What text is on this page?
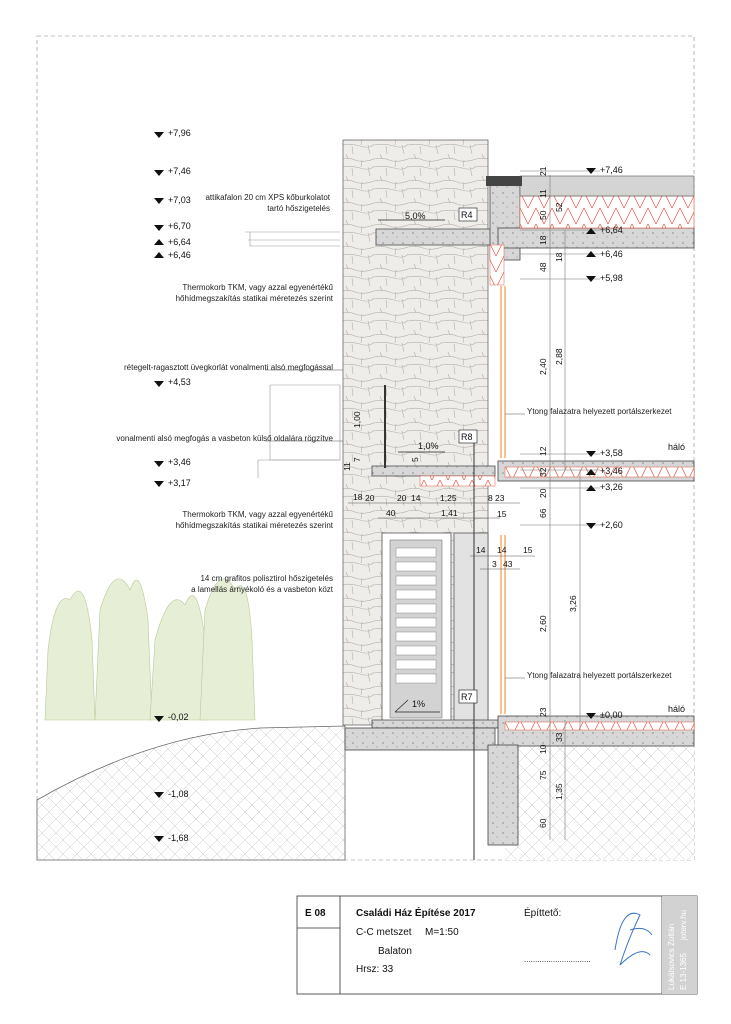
+7,96
+7,46
+7,03
+6,70
+6,64
+6,46
+4,53
+3,46
+3,17
-0,02
-1,08
-1,68
+7,46
+6,64
+6,46
+5,98
+3,58
+3,46
+3,26
+2,60
±0,00
háló
háló
attikafalon 20 cm XPS kőburkolatot
tartó hőszigetelés
Thermokorb TKM, vagy azzal egyenértékű
hőhídmegszakítás statikai méretezés szerint
rétegelt-ragasztott üvegkorlát vonalmenti alsó megfogással
vonalmenti alsó megfogás a vasbeton külső oldalára rögzítve
Thermokorb TKM, vagy azzal egyenértékű
hőhídmegszakítás statikai méretezés szerint
14 cm grafitos polisztirol hőszigetelés
a lamellás árnyékoló és a vasbeton közt
Ytong falazatra helyezett portálszerkezet
Ytong falazatra helyezett portálszerkezet
5,0%
1,0%
1%
R4
R8
R7
21
11
52
50
18
18
48
2,40
2,88
1,00
12
32
20
66
2,60
3,26
23
33
10
75
1,35
60
11
7	5
18 20	20 14 1,25	8 23
40	1,41	15
14 14 15
3 43
E 08	Családi Ház Építése 2017
C-C metszet M=1:50
Balaton
Hrsz: 33
Építtető:
..............................	Lukátsovics Zoltán E 13-1365
joterv.hu
